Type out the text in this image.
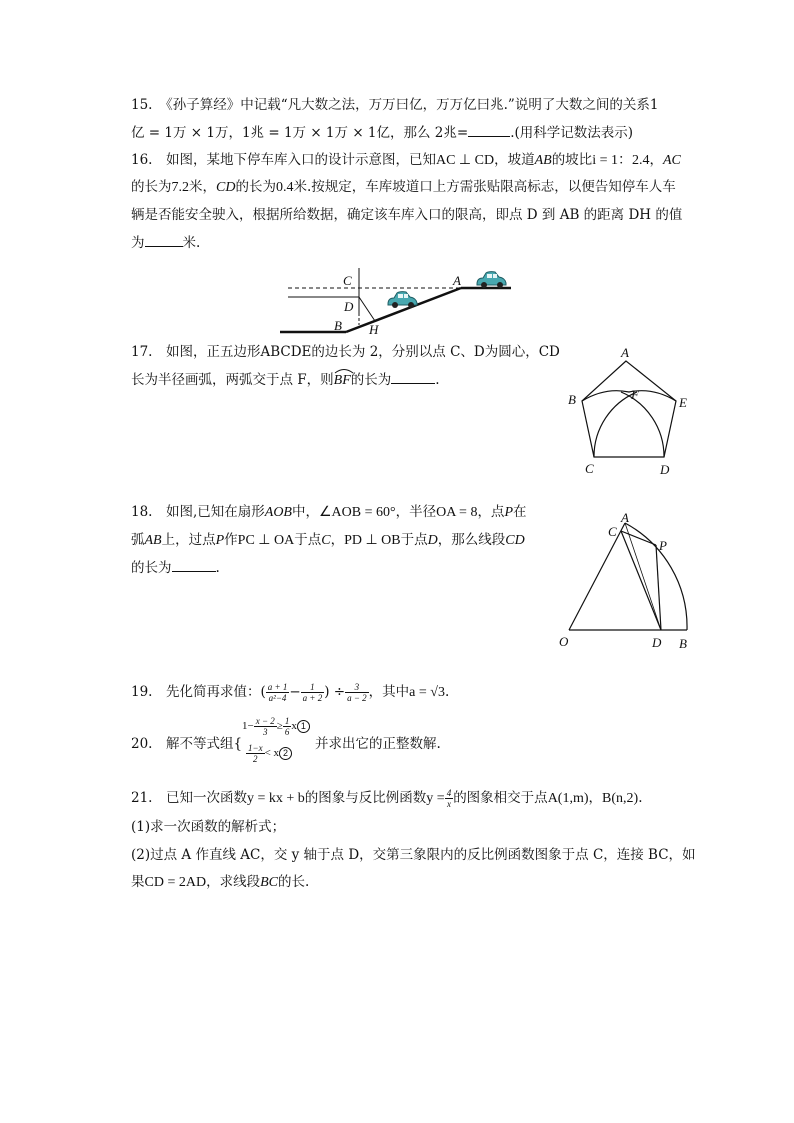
15.　《孙子算经》中记载“凡大数之法，万万曰亿，万万亿曰兆.”说明了大数之间的关系1
亿 = 1万 × 1万，1兆 = 1万 × 1万 × 1亿，那么 2兆=	.(用科学记数法表示)
16.　如图，某地下停车库入口的设计示意图，已知AC ⊥ CD，坡道AB的坡比i = 1：2.4，AC
的长为7.2米，CD的长为0.4米.按规定，车库坡道口上方需张贴限高标志，以便告知停车人车
辆是否能安全驶入，根据所给数据，确定该车库入口的限高，即点 D 到 AB 的距离 DH 的值
为	米.
C	A
D
B H
17.　如图，正五边形ABCDE的边长为 2，分别以点 C、D为圆心，CD
长为半径画弧，两弧交于点 F，则BF
的长为	.
A
B	F
E
C	D
18.　如图,已知在扇形AOB中，∠AOB = 60°，半径OA = 8，点P在
弧AB上，过点P作PC ⊥ OA于点C，PD ⊥ OB于点D，那么线段CD
的长为	.
A
C
P
O	D B
19.　先化简再求值：( $\frac{a + 1}{\text{a²−4}} - \frac{1}{a + 2}$ ) ÷ $\frac{3}{a - 2}$ ，其中a = √3.
20.　解不等式组{
$1- \frac{x - 2}{3} \ge \frac{1}{6}$ x 1
$\frac{1-x}{2} < x$ 2
并求出它的正整数解.
21.　已知一次函数y = kx + b的图象与反比例函数$y = \frac{4}{x}$ 的图象相交于点A(1,m)，B(n,2).
(1)求一次函数的解析式；
(2)过点 A 作直线 AC，交 y 轴于点 D，交第三象限内的反比例函数图象于点 C，连接 BC，如
果CD = 2AD，求线段BC的长.
